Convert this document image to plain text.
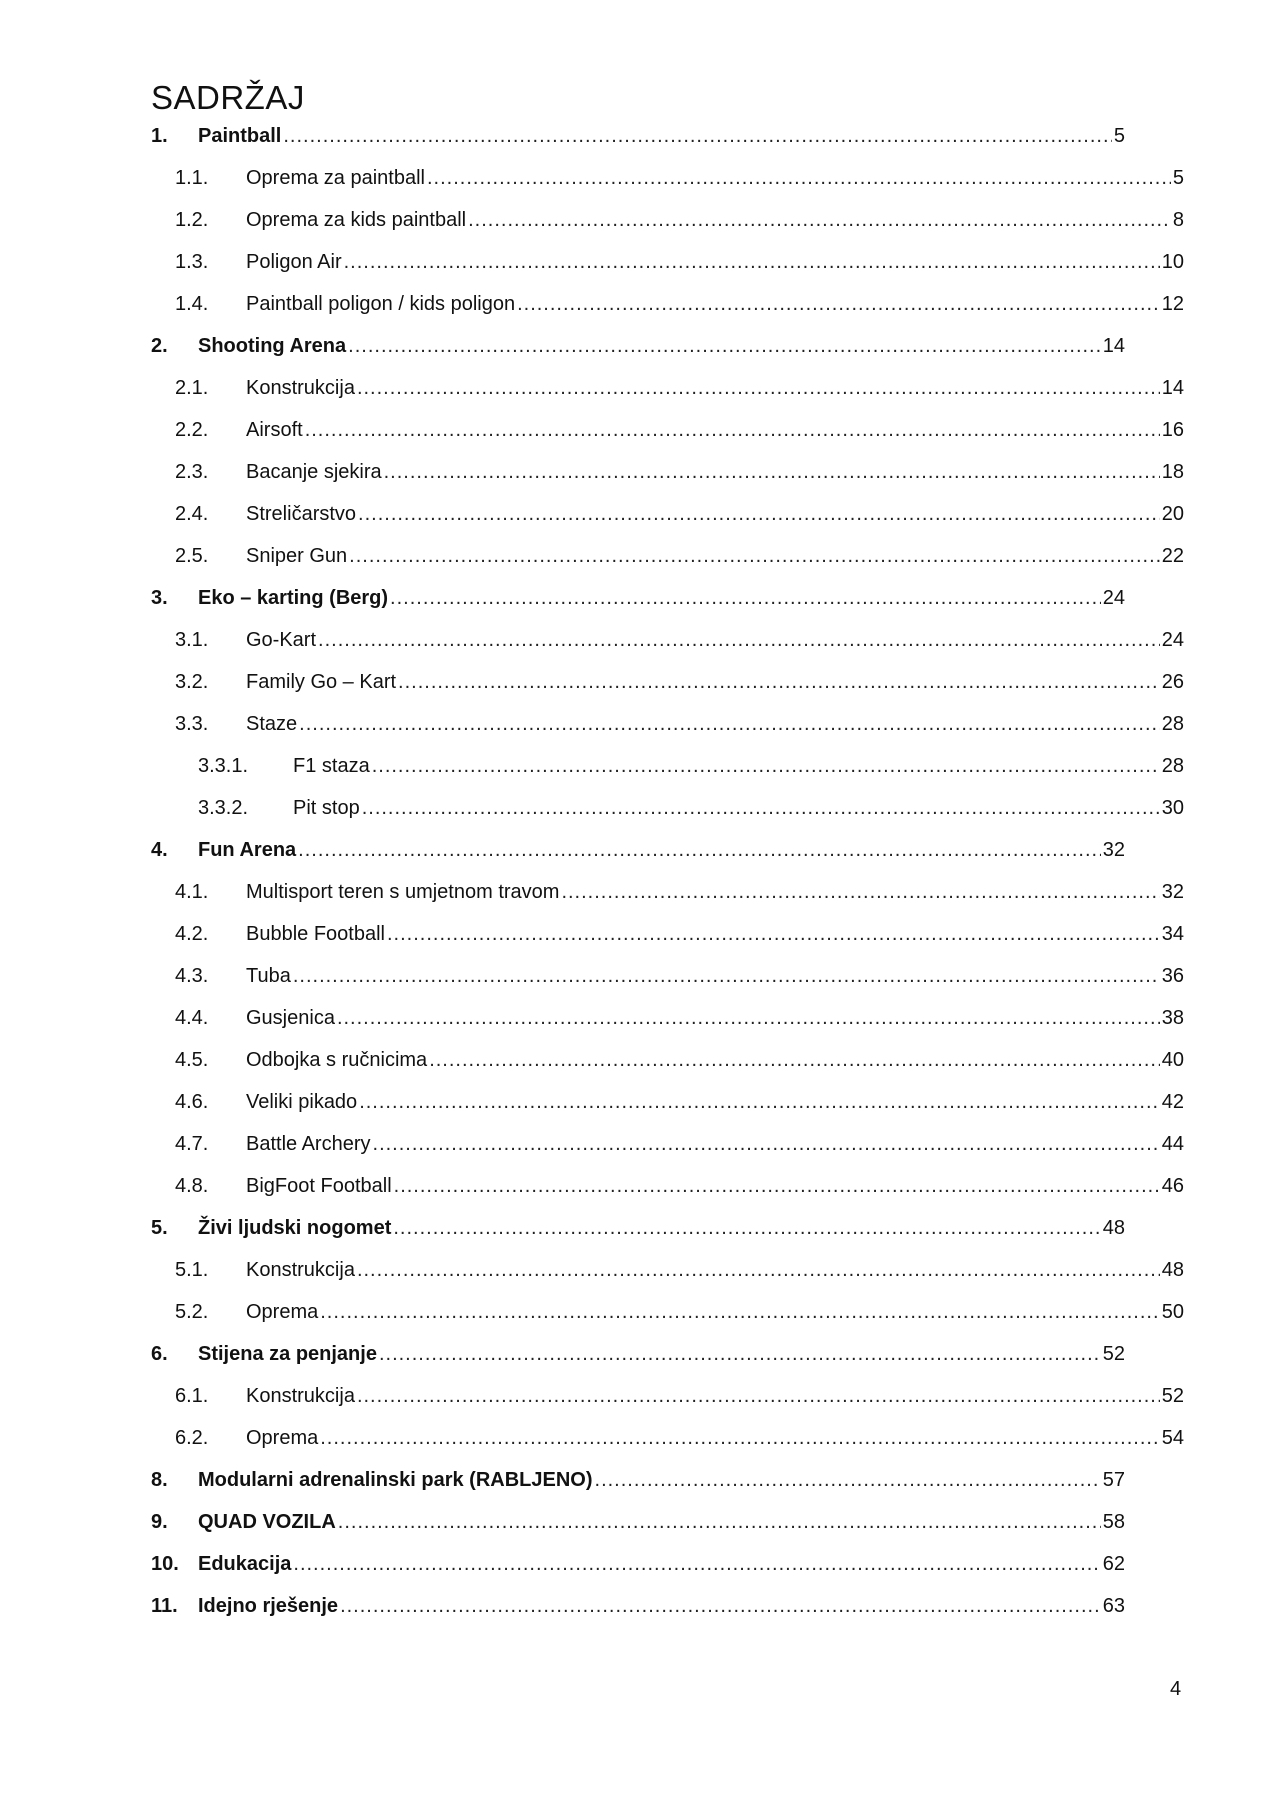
SADRŽAJ
1.	Paintball .....	5
1.1.	Oprema za paintball .....	5
1.2.	Oprema za kids paintball .....	8
1.3.	Poligon Air .....	10
1.4.	Paintball poligon / kids poligon .....	12
2.	Shooting Arena .....	14
2.1.	Konstrukcija .....	14
2.2.	Airsoft .....	16
2.3.	Bacanje sjekira .....	18
2.4.	Streličarstvo .....	20
2.5.	Sniper Gun .....	22
3.	Eko – karting (Berg) .....	24
3.1.	Go-Kart .....	24
3.2.	Family Go – Kart .....	26
3.3.	Staze .....	28
3.3.1.	F1 staza .....	28
3.3.2.	Pit stop .....	30
4.	Fun Arena .....	32
4.1.	Multisport teren s umjetnom travom .....	32
4.2.	Bubble Football .....	34
4.3.	Tuba .....	36
4.4.	Gusjenica .....	38
4.5.	Odbojka s ručnicima .....	40
4.6.	Veliki pikado .....	42
4.7.	Battle Archery .....	44
4.8.	BigFoot Football .....	46
5.	Živi ljudski nogomet .....	48
5.1.	Konstrukcija .....	48
5.2.	Oprema .....	50
6.	Stijena za penjanje .....	52
6.1.	Konstrukcija .....	52
6.2.	Oprema .....	54
8.	Modularni adrenalinski park (RABLJENO) .....	57
9.	QUAD VOZILA .....	58
10. Edukacija .....	62
11.	Idejno rješenje .....	63
4
